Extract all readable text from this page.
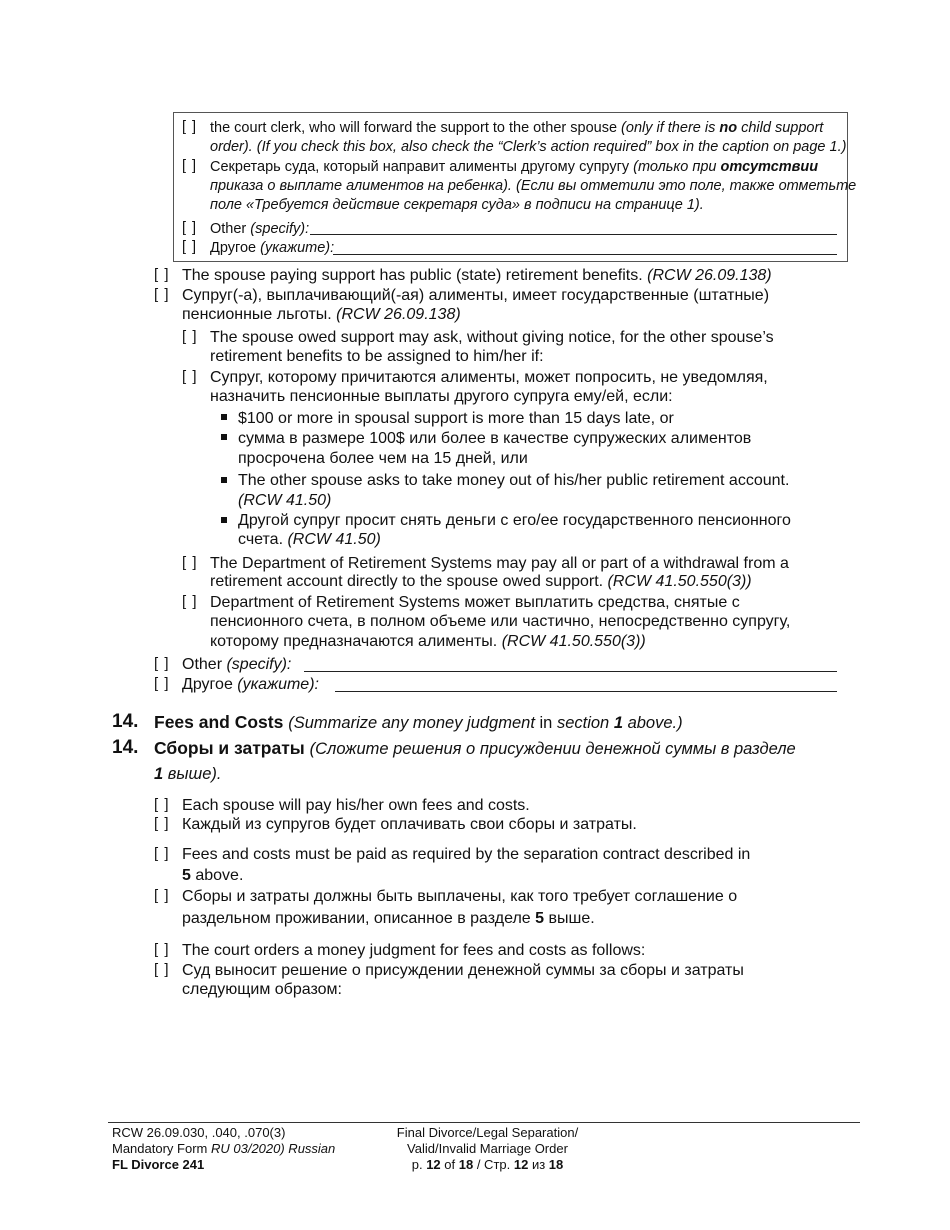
[ ] the court clerk, who will forward the support to the other spouse (only if there is no child support
order). (If you check this box, also check the “Clerk’s action required” box in the caption on page 1.)
[ ] Секретарь суда, который направит алименты другому супругу (только при отсутствии
приказа о выплате алиментов на ребенка). (Если вы отметили это поле, также отметьте
поле «Требуется действие секретаря суда» в подписи на странице 1).
[ ] Other (specify):
[ ] Другое (укажите):
[ ] The spouse paying support has public (state) retirement benefits. (RCW 26.09.138)
[ ] Супруг(-а), выплачивающий(-ая) алименты, имеет государственные (штатные)
пенсионные льготы. (RCW 26.09.138)
[ ] The spouse owed support may ask, without giving notice, for the other spouse’s
retirement benefits to be assigned to him/her if:
[ ] Супруг, которому причитаются алименты, может попросить, не уведомляя,
назначить пенсионные выплаты другого супруга ему/ей, если:
$100 or more in spousal support is more than 15 days late, or
сумма в размере 100$ или более в качестве супружеских алиментов
просрочена более чем на 15 дней, или
The other spouse asks to take money out of his/her public retirement account.
(RCW 41.50)
Другой супруг просит снять деньги с его/ее государственного пенсионного
счета. (RCW 41.50)
[ ] The Department of Retirement Systems may pay all or part of a withdrawal from a
retirement account directly to the spouse owed support. (RCW 41.50.550(3))
[ ] Department of Retirement Systems может выплатить средства, снятые с
пенсионного счета, в полном объеме или частично, непосредственно супругу,
которому предназначаются алименты. (RCW 41.50.550(3))
[ ] Other (specify):
[ ] Другое (укажите):
14. Fees and Costs (Summarize any money judgment in section 1 above.)
14. Сборы и затраты (Сложите решения о присуждении денежной суммы в разделе
1 выше).
[ ] Each spouse will pay his/her own fees and costs.
[ ] Каждый из супругов будет оплачивать свои сборы и затраты.
[ ] Fees and costs must be paid as required by the separation contract described in
5 above.
[ ] Сборы и затраты должны быть выплачены, как того требует соглашение о
раздельном проживании, описанное в разделе 5 выше.
[ ] The court orders a money judgment for fees and costs as follows:
[ ] Суд выносит решение о присуждении денежной суммы за сборы и затраты
следующим образом:
RCW 26.09.030, .040, .070(3)
Mandatory Form RU 03/2020) Russian
FL Divorce 241
Final Divorce/Legal Separation/
Valid/Invalid Marriage Order
p. 12 of 18 / Стр. 12 из 18
